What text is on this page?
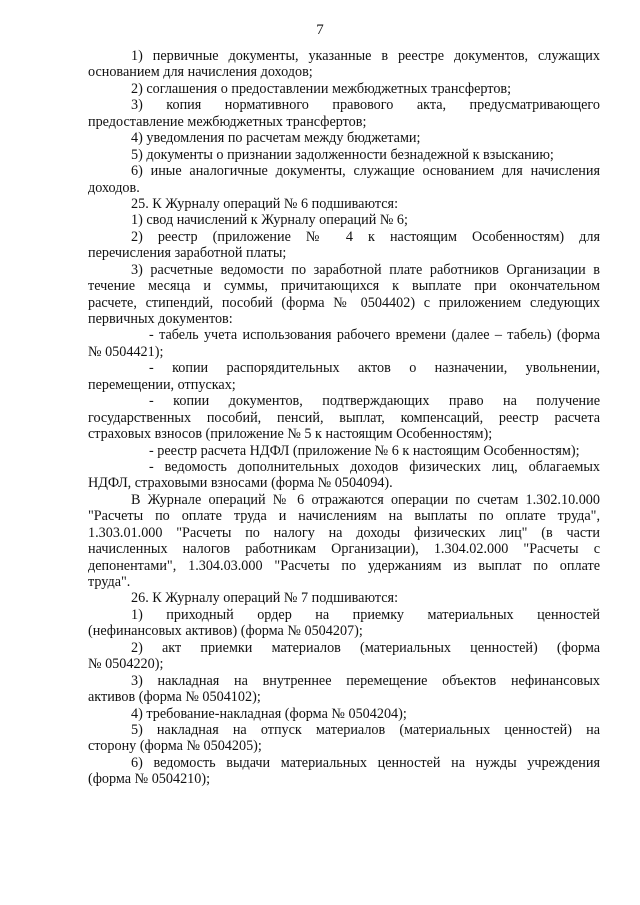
7
1) первичные документы, указанные в реестре документов, служащих
основанием для начисления доходов;
2) соглашения о предоставлении межбюджетных трансфертов;
3) копия нормативного правового акта, предусматривающего
предоставление межбюджетных трансфертов;
4) уведомления по расчетам между бюджетами;
5) документы о признании задолженности безнадежной к взысканию;
6) иные аналогичные документы, служащие основанием для начисления
доходов.
25. К Журналу операций № 6 подшиваются:
1) свод начислений к Журналу операций № 6;
2) реестр (приложение № 4 к настоящим Особенностям) для
перечисления заработной платы;
3) расчетные ведомости по заработной плате работников Организации в
течение месяца и суммы, причитающихся к выплате при окончательном
расчете, стипендий, пособий (форма № 0504402) с приложением следующих
первичных документов:
- табель учета использования рабочего времени (далее – табель) (форма
№ 0504421);
- копии распорядительных актов о назначении, увольнении,
перемещении, отпусках;
- копии документов, подтверждающих право на получение
государственных пособий, пенсий, выплат, компенсаций, реестр расчета
страховых взносов (приложение № 5 к настоящим Особенностям);
- реестр расчета НДФЛ (приложение № 6 к настоящим Особенностям);
- ведомость дополнительных доходов физических лиц, облагаемых
НДФЛ, страховыми взносами (форма № 0504094).
В Журнале операций № 6 отражаются операции по счетам 1.302.10.000
"Расчеты по оплате труда и начислениям на выплаты по оплате труда",
1.303.01.000 "Расчеты по налогу на доходы физических лиц" (в части
начисленных налогов работникам Организации), 1.304.02.000 "Расчеты с
депонентами", 1.304.03.000 "Расчеты по удержаниям из выплат по оплате
труда".
26. К Журналу операций № 7 подшиваются:
1) приходный ордер на приемку материальных ценностей
(нефинансовых активов) (форма № 0504207);
2) акт приемки материалов (материальных ценностей) (форма
№ 0504220);
3) накладная на внутреннее перемещение объектов нефинансовых
активов (форма № 0504102);
4) требование-накладная (форма № 0504204);
5) накладная на отпуск материалов (материальных ценностей) на
сторону (форма № 0504205);
6) ведомость выдачи материальных ценностей на нужды учреждения
(форма № 0504210);
